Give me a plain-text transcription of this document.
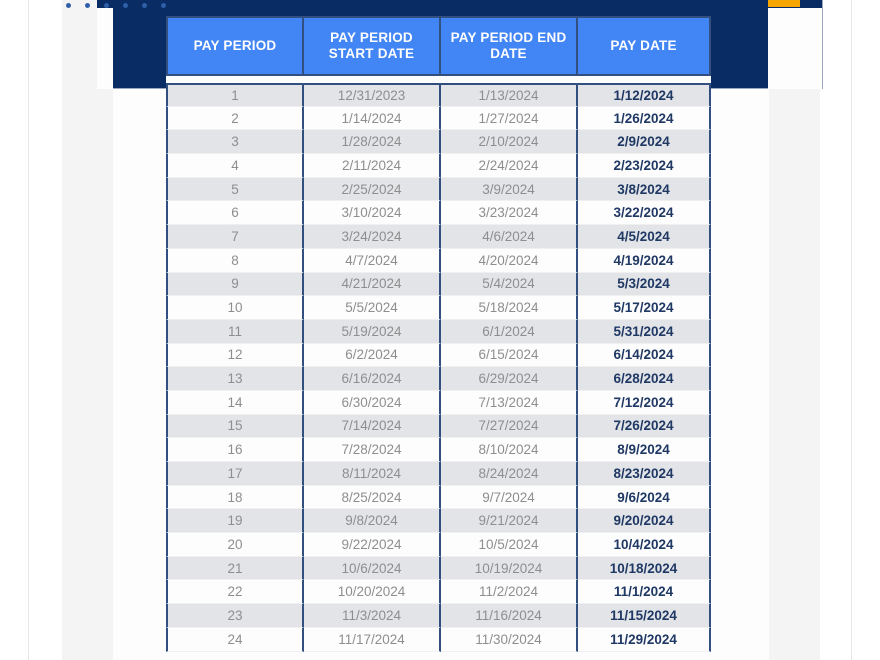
PAY PERIOD	PAY PERIOD START DATE	PAY PERIOD END DATE	PAY DATE

1	12/31/2023	1/13/2024	1/12/2024
2	1/14/2024	1/27/2024	1/26/2024
3	1/28/2024	2/10/2024	2/9/2024
4	2/11/2024	2/24/2024	2/23/2024
5	2/25/2024	3/9/2024	3/8/2024
6	3/10/2024	3/23/2024	3/22/2024
7	3/24/2024	4/6/2024	4/5/2024
8	4/7/2024	4/20/2024	4/19/2024
9	4/21/2024	5/4/2024	5/3/2024
10	5/5/2024	5/18/2024	5/17/2024
11	5/19/2024	6/1/2024	5/31/2024
12	6/2/2024	6/15/2024	6/14/2024
13	6/16/2024	6/29/2024	6/28/2024
14	6/30/2024	7/13/2024	7/12/2024
15	7/14/2024	7/27/2024	7/26/2024
16	7/28/2024	8/10/2024	8/9/2024
17	8/11/2024	8/24/2024	8/23/2024
18	8/25/2024	9/7/2024	9/6/2024
19	9/8/2024	9/21/2024	9/20/2024
20	9/22/2024	10/5/2024	10/4/2024
21	10/6/2024	10/19/2024	10/18/2024
22	10/20/2024	11/2/2024	11/1/2024
23	11/3/2024	11/16/2024	11/15/2024
24	11/17/2024	11/30/2024	11/29/2024
